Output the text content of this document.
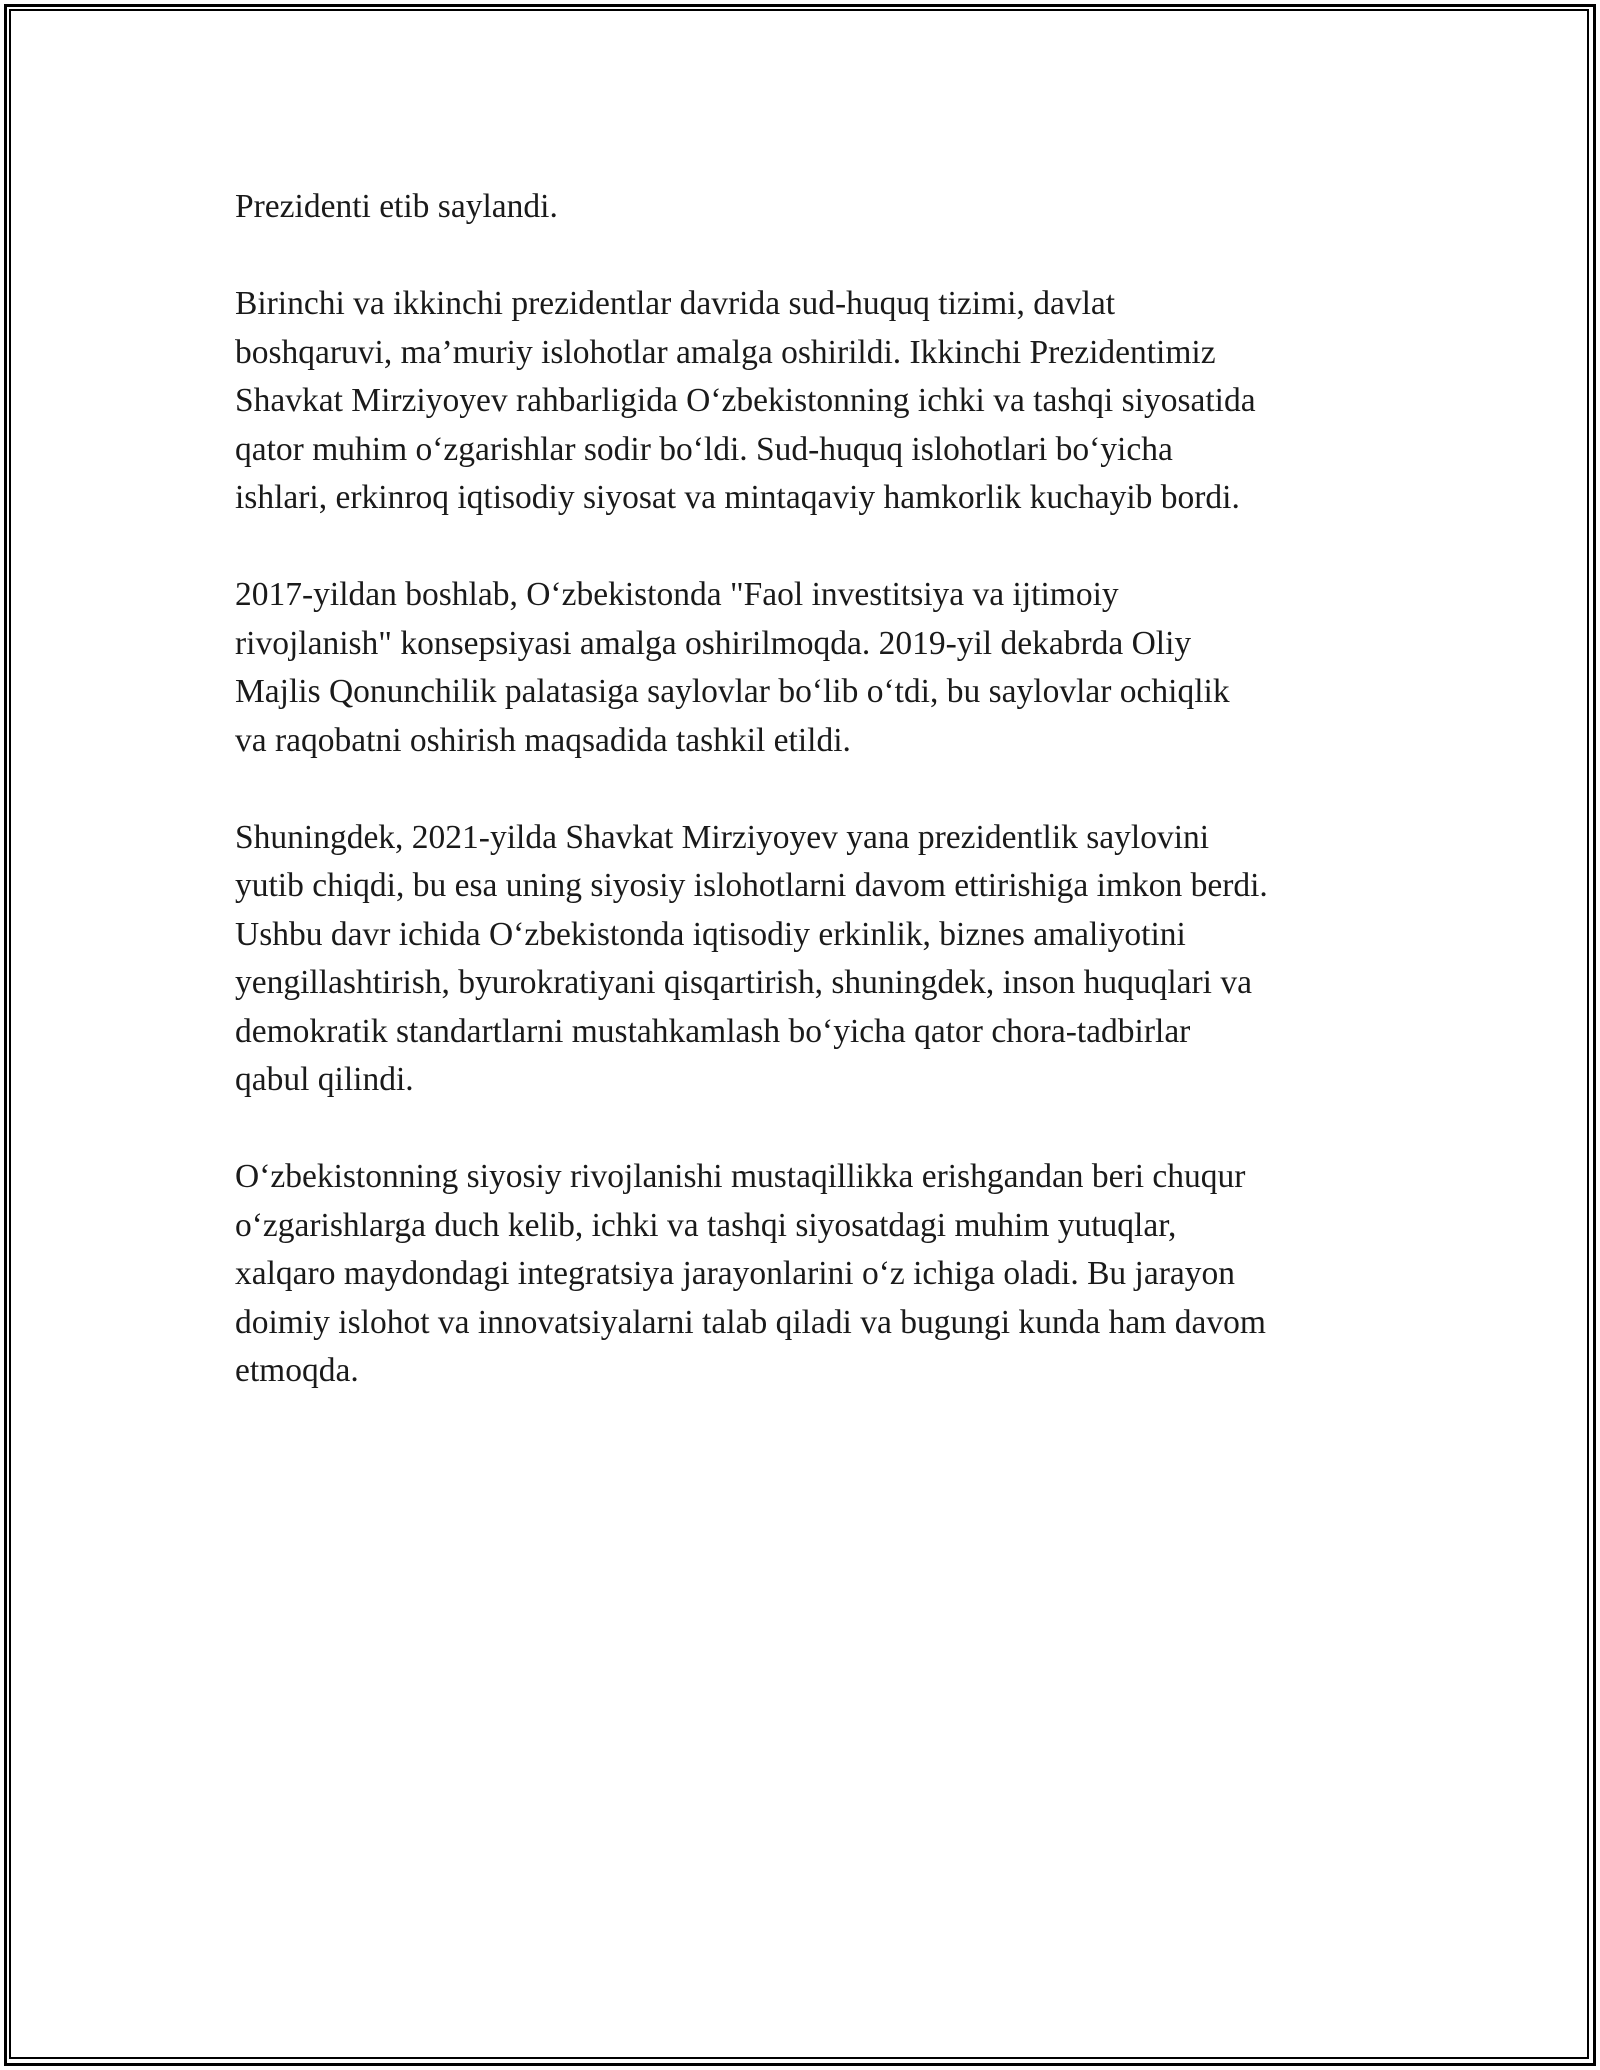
Prezidenti etib saylandi.
Birinchi va ikkinchi prezidentlar davrida sud-huquq tizimi, davlat
boshqaruvi, ma’muriy islohotlar amalga oshirildi. Ikkinchi Prezidentimiz
Shavkat Mirziyoyev rahbarligida O‘zbekistonning ichki va tashqi siyosatida
qator muhim o‘zgarishlar sodir bo‘ldi. Sud-huquq islohotlari bo‘yicha
ishlari, erkinroq iqtisodiy siyosat va mintaqaviy hamkorlik kuchayib bordi.
2017-yildan boshlab, O‘zbekistonda "Faol investitsiya va ijtimoiy
rivojlanish" konsepsiyasi amalga oshirilmoqda. 2019-yil dekabrda Oliy
Majlis Qonunchilik palatasiga saylovlar bo‘lib o‘tdi, bu saylovlar ochiqlik
va raqobatni oshirish maqsadida tashkil etildi.
Shuningdek, 2021-yilda Shavkat Mirziyoyev yana prezidentlik saylovini
yutib chiqdi, bu esa uning siyosiy islohotlarni davom ettirishiga imkon berdi.
Ushbu davr ichida O‘zbekistonda iqtisodiy erkinlik, biznes amaliyotini
yengillashtirish, byurokratiyani qisqartirish, shuningdek, inson huquqlari va
demokratik standartlarni mustahkamlash bo‘yicha qator chora-tadbirlar
qabul qilindi.
O‘zbekistonning siyosiy rivojlanishi mustaqillikka erishgandan beri chuqur
o‘zgarishlarga duch kelib, ichki va tashqi siyosatdagi muhim yutuqlar,
xalqaro maydondagi integratsiya jarayonlarini o‘z ichiga oladi. Bu jarayon
doimiy islohot va innovatsiyalarni talab qiladi va bugungi kunda ham davom
etmoqda.
